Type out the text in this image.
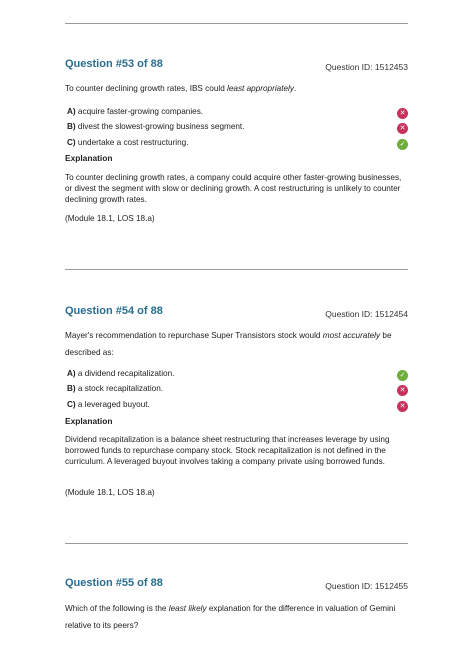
Question #53 of 88	Question ID: 1512453
To counter declining growth rates, IBS could least appropriately.
A) acquire faster-growing companies.	✕
B) divest the slowest-growing business segment.	✕
C) undertake a cost restructuring.	✓
Explanation
To counter declining growth rates, a company could acquire other faster-growing businesses, or divest the segment with slow or declining growth. A cost restructuring is unlikely to counter declining growth rates.
(Module 18.1, LOS 18.a)
Question #54 of 88	Question ID: 1512454
Mayer's recommendation to repurchase Super Transistors stock would most accurately be described as:
A) a dividend recapitalization.	✓
B) a stock recapitalization.	✕
C) a leveraged buyout.	✕
Explanation
Dividend recapitalization is a balance sheet restructuring that increases leverage by using borrowed funds to repurchase company stock. Stock recapitalization is not defined in the curriculum. A leveraged buyout involves taking a company private using borrowed funds.
(Module 18.1, LOS 18.a)
Question #55 of 88	Question ID: 1512455
Which of the following is the least likely explanation for the difference in valuation of Gemini relative to its peers?
